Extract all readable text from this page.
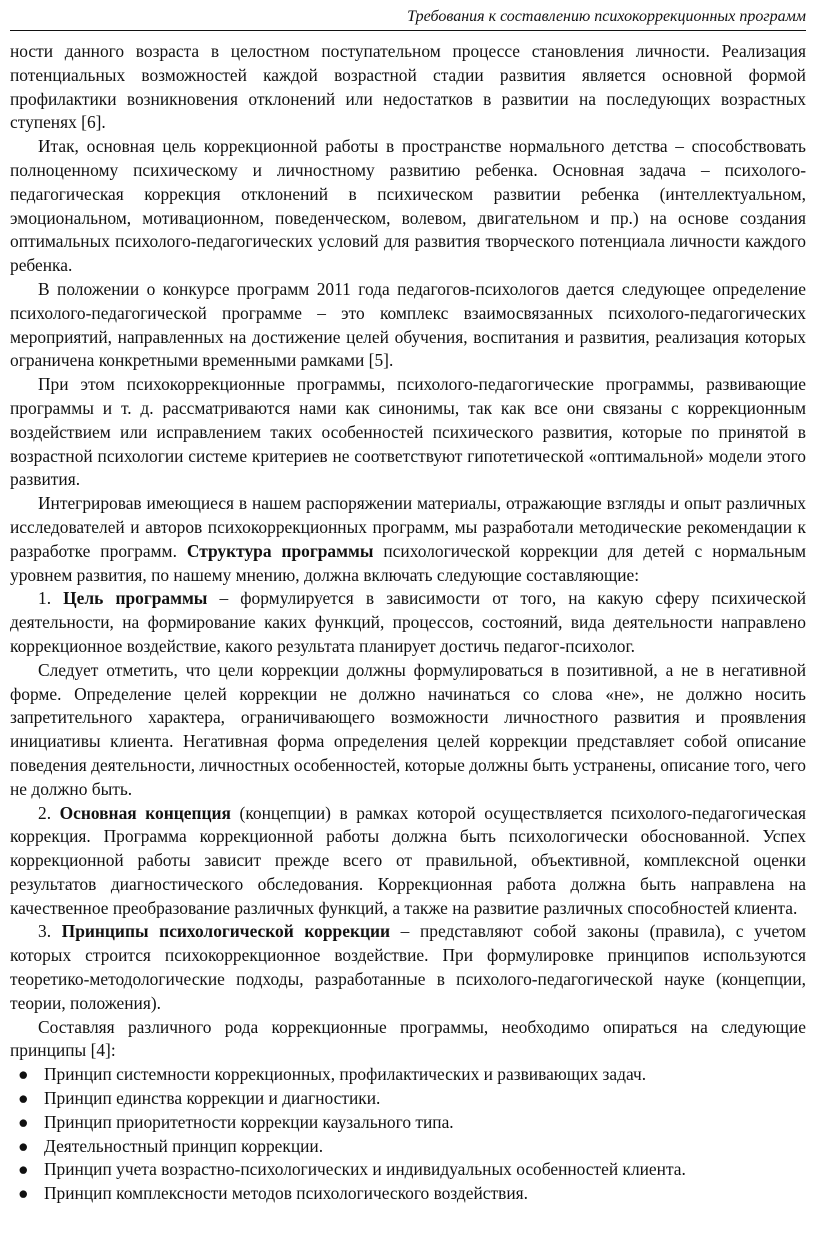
Требования к составлению психокоррекционных программ

ности данного возраста в целостном поступательном процессе становления личности. Реализация потенциальных возможностей каждой возрастной стадии развития является основной формой профилактики возникновения отклонений или недостатков в развитии на последующих возрастных ступенях [6].

Итак, основная цель коррекционной работы в пространстве нормального детства – способствовать полноценному психическому и личностному развитию ребенка. Основная задача – психолого-педагогическая коррекция отклонений в психическом развитии ребенка (интеллектуальном, эмоциональном, мотивационном, поведенческом, волевом, двигательном и пр.) на основе создания оптимальных психолого-педагогических условий для развития творческого потенциала личности каждого ребенка.

В положении о конкурсе программ 2011 года педагогов-психологов дается следующее определение психолого-педагогической программе – это комплекс взаимосвязанных психолого-педагогических мероприятий, направленных на достижение целей обучения, воспитания и развития, реализация которых ограничена конкретными временными рамками [5].

При этом психокоррекционные программы, психолого-педагогические программы, развивающие программы и т. д. рассматриваются нами как синонимы, так как все они связаны с коррекционным воздействием или исправлением таких особенностей психического развития, которые по принятой в возрастной психологии системе критериев не соответствуют гипотетической «оптимальной» модели этого развития.

Интегрировав имеющиеся в нашем распоряжении материалы, отражающие взгляды и опыт различных исследователей и авторов психокоррекционных программ, мы разработали методические рекомендации к разработке программ. Структура программы психологической коррекции для детей с нормальным уровнем развития, по нашему мнению, должна включать следующие составляющие:

1. Цель программы – формулируется в зависимости от того, на какую сферу психической деятельности, на формирование каких функций, процессов, состояний, вида деятельности направлено коррекционное воздействие, какого результата планирует достичь педагог-психолог.

Следует отметить, что цели коррекции должны формулироваться в позитивной, а не в негативной форме. Определение целей коррекции не должно начинаться со слова «не», не должно носить запретительного характера, ограничивающего возможности личностного развития и проявления инициативы клиента. Негативная форма определения целей коррекции представляет собой описание поведения деятельности, личностных особенностей, которые должны быть устранены, описание того, чего не должно быть.

2. Основная концепция (концепции) в рамках которой осуществляется психолого-педагогическая коррекция. Программа коррекционной работы должна быть психологически обоснованной. Успех коррекционной работы зависит прежде всего от правильной, объективной, комплексной оценки результатов диагностического обследования. Коррекционная работа должна быть направлена на качественное преобразование различных функций, а также на развитие различных способностей клиента.

3. Принципы психологической коррекции – представляют собой законы (правила), с учетом которых строится психокоррекционное воздействие. При формулировке принципов используются теоретико-методологические подходы, разработанные в психолого-педагогической науке (концепции, теории, положения).

Составляя различного рода коррекционные программы, необходимо опираться на следующие принципы [4]:

● Принцип системности коррекционных, профилактических и развивающих задач.
● Принцип единства коррекции и диагностики.
● Принцип приоритетности коррекции каузального типа.
● Деятельностный принцип коррекции.
● Принцип учета возрастно-психологических и индивидуальных особенностей клиента.
● Принцип комплексности методов психологического воздействия.
